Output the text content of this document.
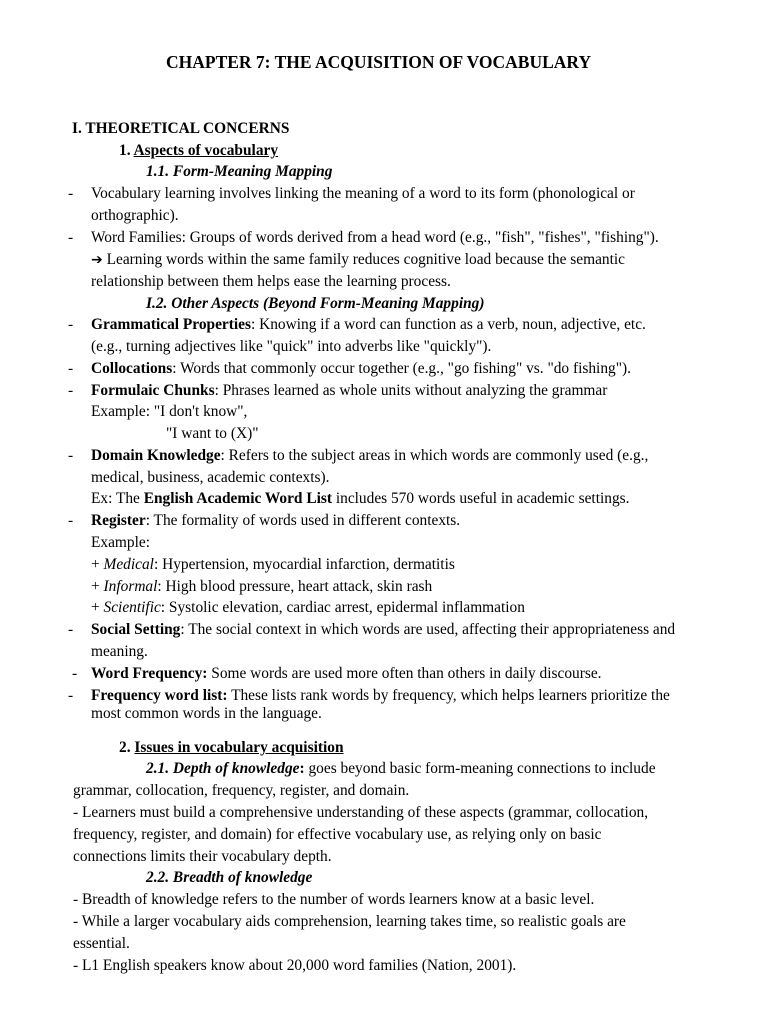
CHAPTER 7: THE ACQUISITION OF VOCABULARY
I. THEORETICAL CONCERNS
1. Aspects of vocabulary
1.1. Form-Meaning Mapping
- Vocabulary learning involves linking the meaning of a word to its form (phonological or
orthographic).
- Word Families: Groups of words derived from a head word (e.g., "fish", "fishes", "fishing").
➔ Learning words within the same family reduces cognitive load because the semantic
relationship between them helps ease the learning process.
I.2. Other Aspects (Beyond Form-Meaning Mapping)
- Grammatical Properties: Knowing if a word can function as a verb, noun, adjective, etc.
(e.g., turning adjectives like "quick" into adverbs like "quickly").
- Collocations: Words that commonly occur together (e.g., "go fishing" vs. "do fishing").
- Formulaic Chunks: Phrases learned as whole units without analyzing the grammar
Example: "I don't know",
"I want to (X)"
- Domain Knowledge: Refers to the subject areas in which words are commonly used (e.g.,
medical, business, academic contexts).
Ex: The English Academic Word List includes 570 words useful in academic settings.
- Register: The formality of words used in different contexts.
Example:
+ Medical: Hypertension, myocardial infarction, dermatitis
+ Informal: High blood pressure, heart attack, skin rash
+ Scientific: Systolic elevation, cardiac arrest, epidermal inflammation
- Social Setting: The social context in which words are used, affecting their appropriateness and
meaning.
- Word Frequency: Some words are used more often than others in daily discourse.
- Frequency word list: These lists rank words by frequency, which helps learners prioritize the
most common words in the language.
2. Issues in vocabulary acquisition
2.1. Depth of knowledge: goes beyond basic form-meaning connections to include
grammar, collocation, frequency, register, and domain.
- Learners must build a comprehensive understanding of these aspects (grammar, collocation,
frequency, register, and domain) for effective vocabulary use, as relying only on basic
connections limits their vocabulary depth.
2.2. Breadth of knowledge
- Breadth of knowledge refers to the number of words learners know at a basic level.
- While a larger vocabulary aids comprehension, learning takes time, so realistic goals are
essential.
- L1 English speakers know about 20,000 word families (Nation, 2001).
